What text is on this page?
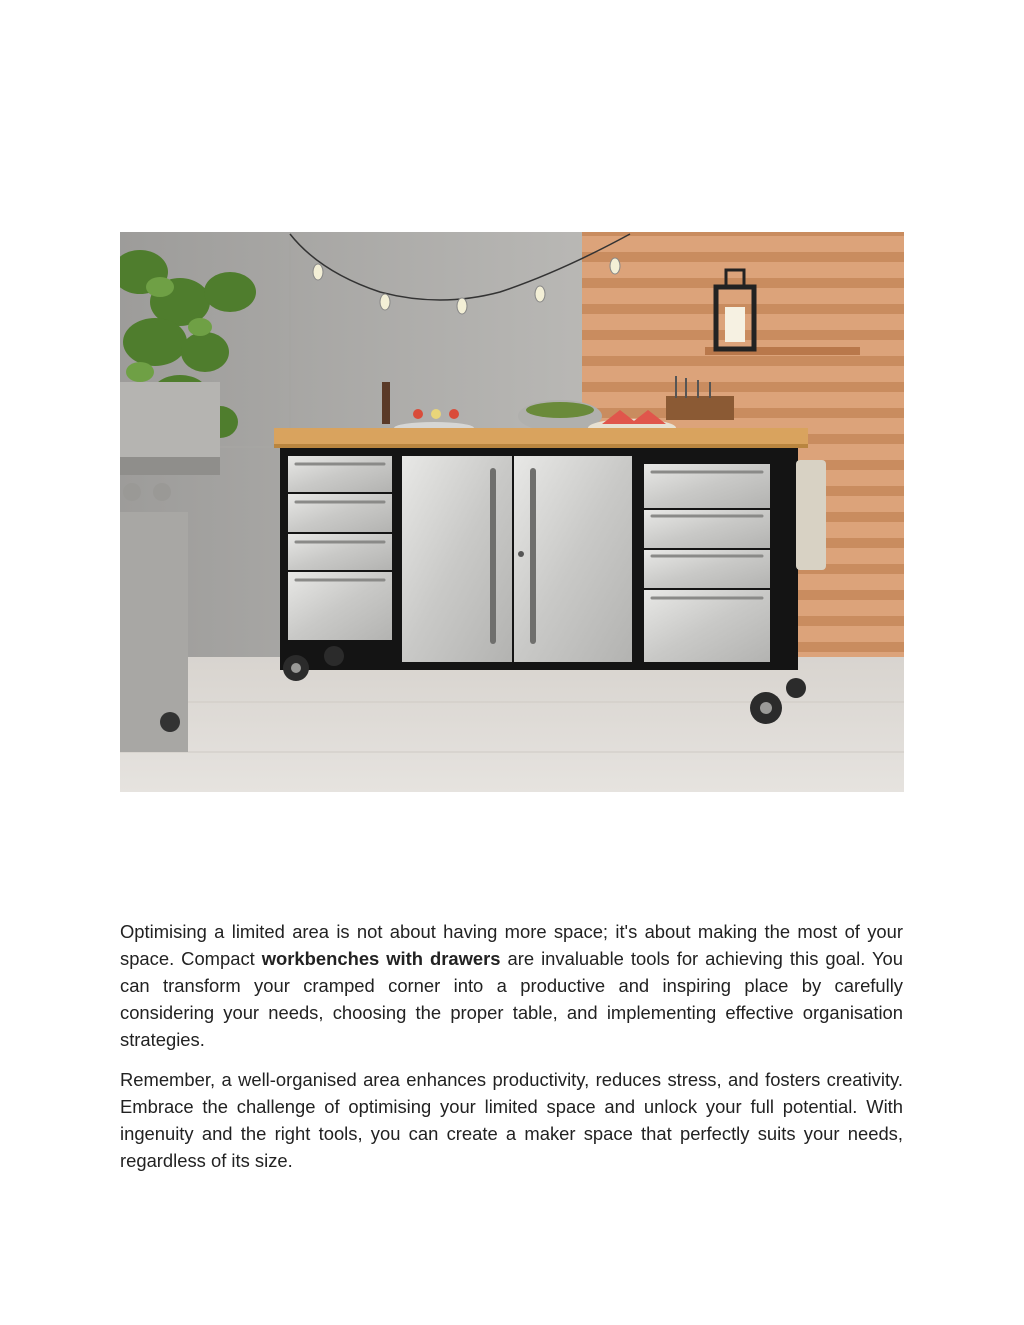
Optimising a limited area is not about having more space; it's about making the most of your space. Compact workbenches with drawers are invaluable tools for achieving this goal. You can transform your cramped corner into a productive and inspiring place by carefully considering your needs, choosing the proper table, and implementing effective organisation strategies.

Remember, a well-organised area enhances productivity, reduces stress, and fosters creativity. Embrace the challenge of optimising your limited space and unlock your full potential. With ingenuity and the right tools, you can create a maker space that perfectly suits your needs, regardless of its size.
